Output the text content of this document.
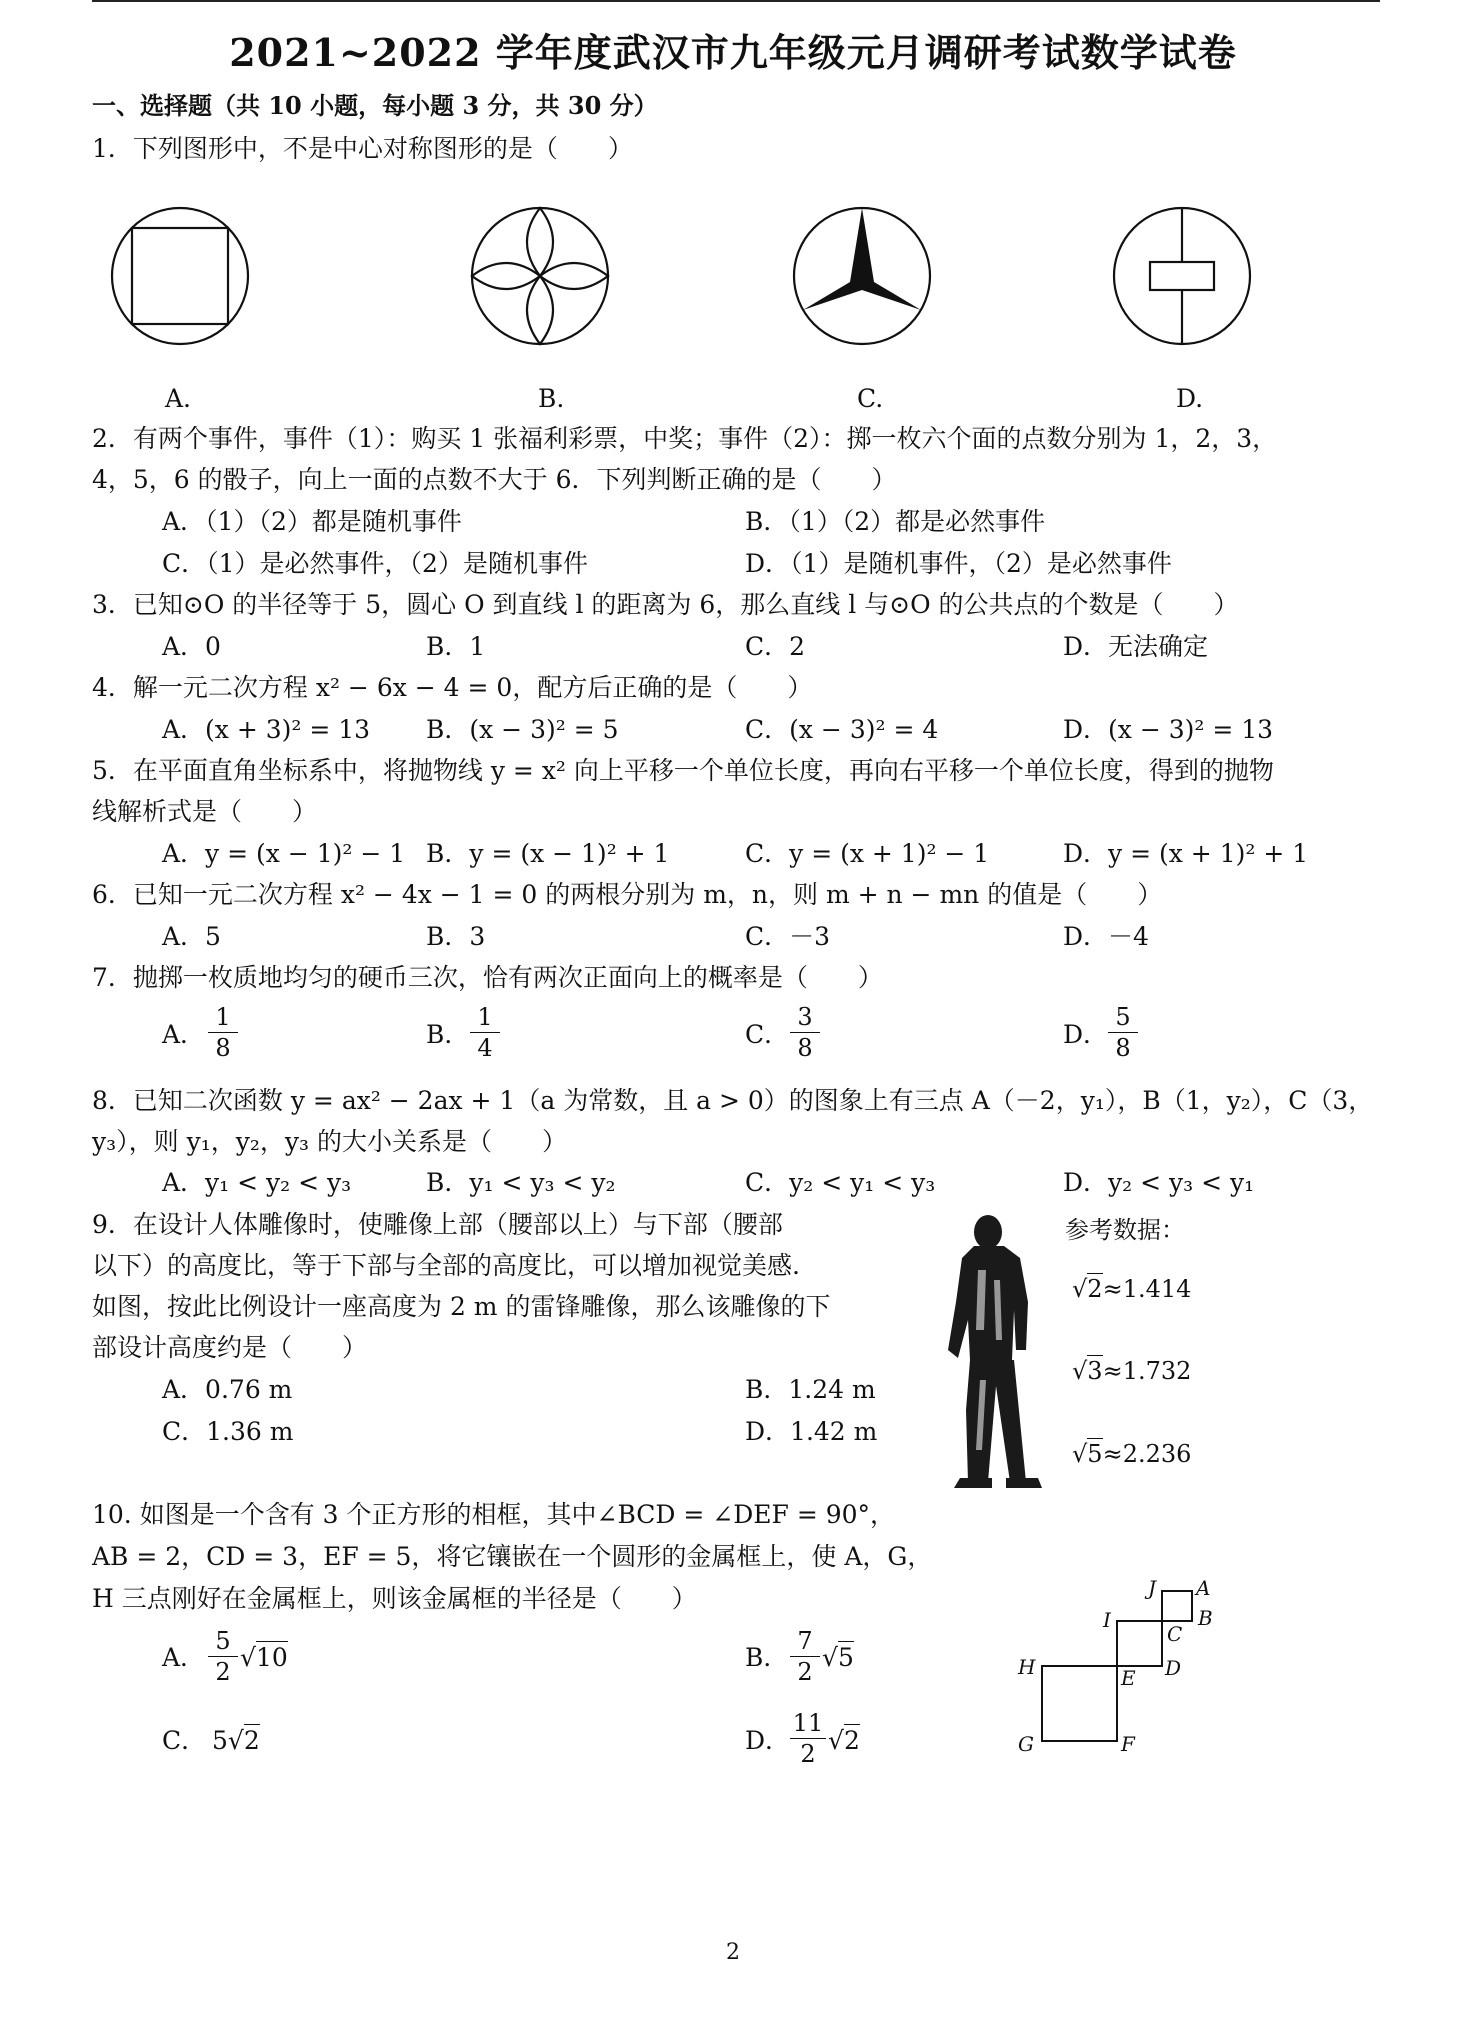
2021~2022 学年度武汉市九年级元月调研考试数学试卷
一、选择题（共 10 小题，每小题 3 分，共 30 分）
1．下列图形中，不是中心对称图形的是（　　）
A.	B.	C.	D.
2．有两个事件，事件（1）：购买 1 张福利彩票，中奖；事件（2）：掷一枚六个面的点数分别为 1，2，3，
4，5，6 的骰子，向上一面的点数不大于 6．下列判断正确的是（　　）
A．（1）（2）都是随机事件	B．（1）（2）都是必然事件
C．（1）是必然事件，（2）是随机事件	D．（1）是随机事件，（2）是必然事件
3．已知⊙O 的半径等于 5，圆心 O 到直线 l 的距离为 6，那么直线 l 与⊙O 的公共点的个数是（　　）
A．0	B．1	C．2	D．无法确定
4．解一元二次方程 x² − 6x − 4 = 0，配方后正确的是（　　）
A．(x + 3)² = 13 B．(x − 3)² = 5	C．(x − 3)² = 4	D．(x − 3)² = 13
5．在平面直角坐标系中，将抛物线 y = x² 向上平移一个单位长度，再向右平移一个单位长度，得到的抛物
线解析式是（　　）
A．y = (x − 1)² − 1 B．y = (x − 1)² + 1	C．y = (x + 1)² − 1	D．y = (x + 1)² + 1
6．已知一元二次方程 x² − 4x − 1 = 0 的两根分别为 m，n，则 m + n − mn 的值是（　　）
A．5	B．3	C．－3	D．－4
7．抛掷一枚质地均匀的硬币三次，恰有两次正面向上的概率是（　　）
A． $\frac{1}{8}$	B． $\frac{1}{4}$	C． $\frac{3}{8}$	D． $\frac{5}{8}$
8．已知二次函数 y = ax² − 2ax + 1（a 为常数，且 a > 0）的图象上有三点 A（－2，y₁），B（1，y₂），C（3，
y₃），则 y₁，y₂，y₃ 的大小关系是（　　）
A．y₁ < y₂ < y₃	B．y₁ < y₃ < y₂	C．y₂ < y₁ < y₃	D．y₂ < y₃ < y₁
9．在设计人体雕像时，使雕像上部（腰部以上）与下部（腰部
以下）的高度比，等于下部与全部的高度比，可以增加视觉美感.
如图，按此比例设计一座高度为 2 m 的雷锋雕像，那么该雕像的下
部设计高度约是（　　）
A．0.76 m	B．1.24 m
C．1.36 m	D．1.42 m
参考数据：
√2≈1.414
√3≈1.732
√5≈2.236
10. 如图是一个含有 3 个正方形的相框，其中∠BCD = ∠DEF = 90°，
AB = 2，CD = 3，EF = 5，将它镶嵌在一个圆形的金属框上，使 A，G，
H 三点刚好在金属框上，则该金属框的半径是（　　）
A． $\frac{5}{2} √10$	B． $\frac{7}{2} √5$
C． 5√2	D． $\frac{11}{2} √2$
J A
B
I
C
H	E D
G	F
2
